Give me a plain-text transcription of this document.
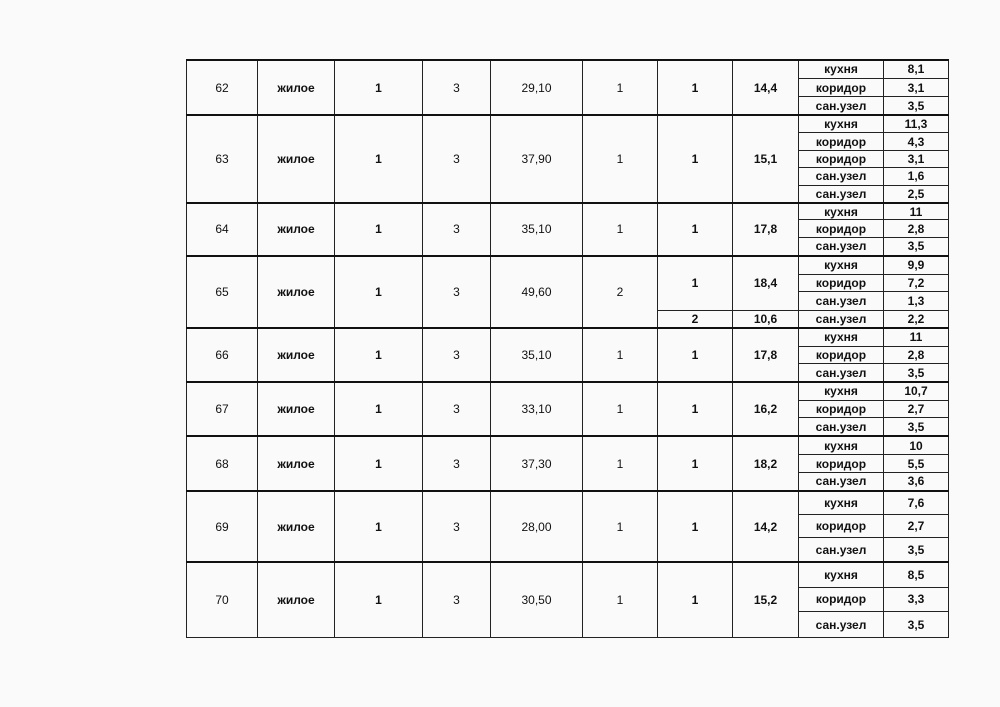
62	жилое	1	3	29,10	1	1	14,4	кухня	8,1
								коридор	3,1
								сан.узел	3,5
63	жилое	1	3	37,90	1	1	15,1	кухня	11,3
								коридор	4,3
								коридор	3,1
								сан.узел	1,6
								сан.узел	2,5
64	жилое	1	3	35,10	1	1	17,8	кухня	11
								коридор	2,8
								сан.узел	3,5
65	жилое	1	3	49,60	2	1	18,4	кухня	9,9
								коридор	7,2
								сан.узел	1,3
						2	10,6	сан.узел	2,2
66	жилое	1	3	35,10	1	1	17,8	кухня	11
								коридор	2,8
								сан.узел	3,5
67	жилое	1	3	33,10	1	1	16,2	кухня	10,7
								коридор	2,7
								сан.узел	3,5
68	жилое	1	3	37,30	1	1	18,2	кухня	10
								коридор	5,5
								сан.узел	3,6
69	жилое	1	3	28,00	1	1	14,2	кухня	7,6
								коридор	2,7
								сан.узел	3,5
70	жилое	1	3	30,50	1	1	15,2	кухня	8,5
								коридор	3,3
								сан.узел	3,5
